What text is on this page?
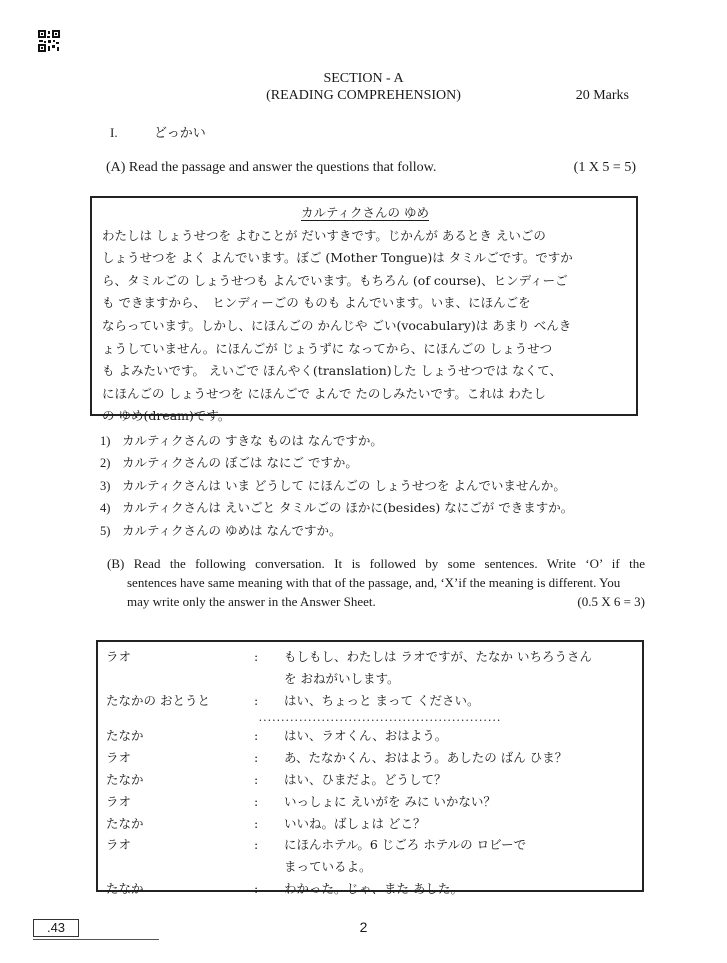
SECTION - A
(READING COMPREHENSION)	20 Marks
I.	どっかい
(A) Read the passage and answer the questions that follow.	(1 X 5 = 5)
カルティクさんの ゆめ
わたしは しょうせつを よむことが だいすきです。じかんが あるとき えいごの
しょうせつを よく よんでいます。ぼご (Mother Tongue)は タミルごです。ですか
ら、タミルごの しょうせつも よんでいます。もちろん (of course)、ヒンディーご
も できますから、　ヒンディーごの ものも よんでいます。いま、にほんごを
ならっています。しかし、にほんごの かんじや ごい(vocabulary)は あまり べんき
ょうしていません。にほんごが じょうずに なってから、にほんごの しょうせつ
も よみたいです。 えいごで ほんやく(translation)した しょうせつでは なくて、
にほんごの しょうせつを にほんごで よんで たのしみたいです。これは わたし
の ゆめ(dream)です。
1) カルティクさんの すきな ものは なんですか。
2) カルティクさんの ぼごは なにご ですか。
3) カルティクさんは いま どうして にほんごの しょうせつを よんでいませんか。
4) カルティクさんは えいごと タミルごの ほかに(besides) なにごが できますか。
5) カルティクさんの ゆめは なんですか。
(B) Read the following conversation. It is followed by some sentences. Write ‘O’ if the
sentences have same meaning with that of the passage, and, ‘X’if the meaning is different. You
may write only the answer in the Answer Sheet.	(0.5 X 6 = 3)
ラオ	:	もしもし、わたしは ラオですが、たなか いちろうさん
を おねがいします。
たなかの おとうと	:	はい、ちょっと まって ください。
......................................................
たなか	:	はい、ラオくん、おはよう。
ラオ	:	あ、たなかくん、おはよう。あしたの ばん ひま？
たなか	:	はい、ひまだよ。どうして？
ラオ	:	いっしょに えいがを みに いかない？
たなか	:	いいね。ばしょは どこ？
ラオ	:	にほんホテル。6 じごろ ホテルの ロビーで
まっているよ。
たなか	:	わかった。じゃ、また あした。
.43	2
